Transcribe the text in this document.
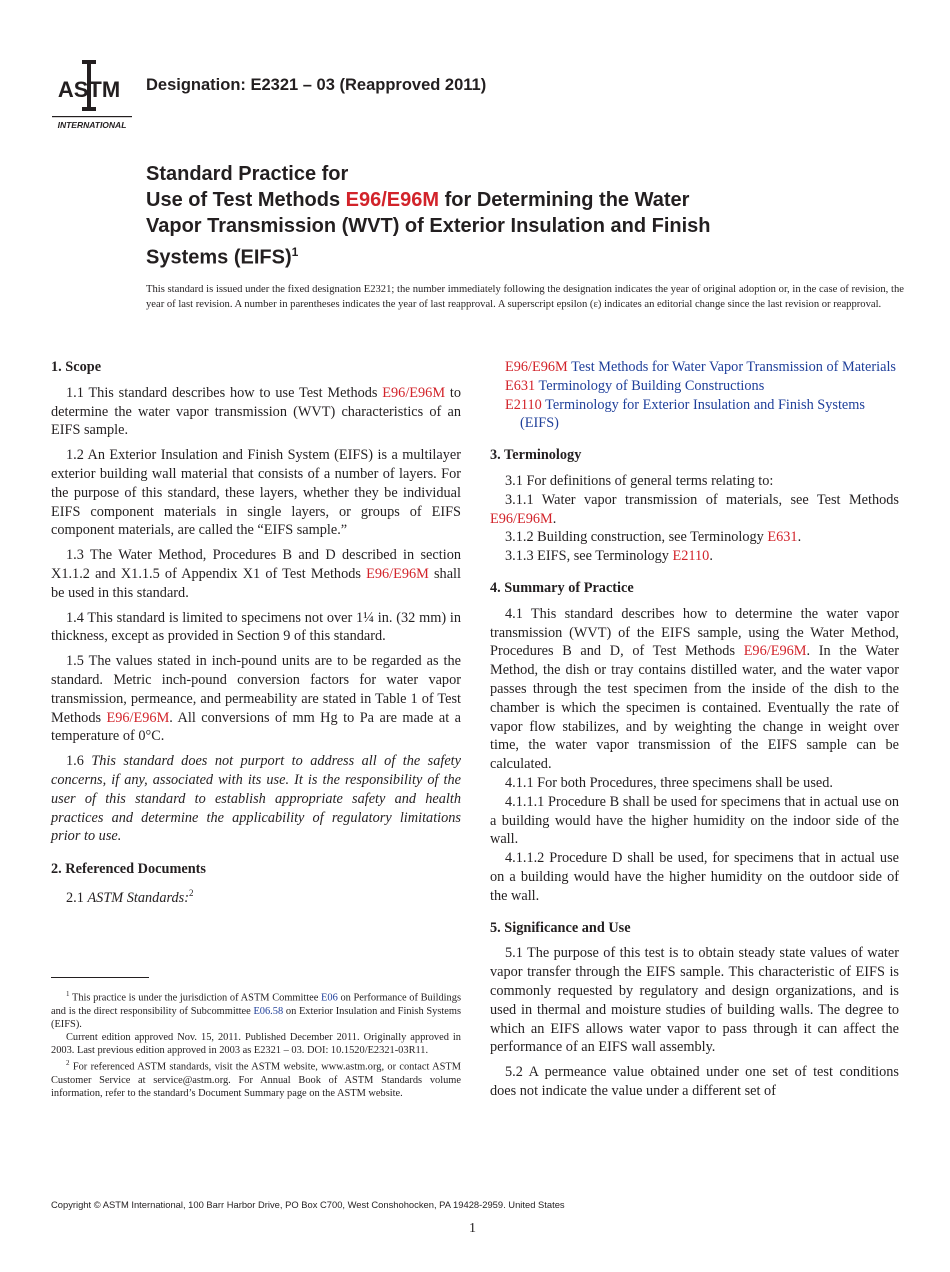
ASTM
INTERNATIONAL
Designation: E2321 – 03 (Reapproved 2011)
Standard Practice for
Use of Test Methods E96/E96M for Determining the Water
Vapor Transmission (WVT) of Exterior Insulation and Finish
Systems (EIFS)$^1$
This standard is issued under the fixed designation E2321; the number immediately following the designation indicates the year of original adoption or, in the case of revision, the year of last revision. A number in parentheses indicates the year of last reapproval. A superscript epsilon (ε) indicates an editorial change since the last revision or reapproval.

1. Scope

1.1 This standard describes how to use Test Methods E96/E96M to determine the water vapor transmission (WVT) characteristics of an EIFS sample.

1.2 An Exterior Insulation and Finish System (EIFS) is a multilayer exterior building wall material that consists of a number of layers. For the purpose of this standard, these layers, whether they be individual EIFS component materials in single layers, or groups of EIFS component materials, are called the “EIFS sample.”

1.3 The Water Method, Procedures B and D described in section X1.1.2 and X1.1.5 of Appendix X1 of Test Methods E96/E96M shall be used in this standard.

1.4 This standard is limited to specimens not over 1¼ in. (32 mm) in thickness, except as provided in Section 9 of this standard.

1.5 The values stated in inch-pound units are to be regarded as the standard. Metric inch-pound conversion factors for water vapor transmission, permeance, and permeability are stated in Table 1 of Test Methods E96/E96M. All conversions of mm Hg to Pa are made at a temperature of 0°C.

1.6 This standard does not purport to address all of the safety concerns, if any, associated with its use. It is the responsibility of the user of this standard to establish appropriate safety and health practices and determine the applicability of regulatory limitations prior to use.

2. Referenced Documents

2.1 ASTM Standards:$^2$

$^1$ This practice is under the jurisdiction of ASTM Committee E06 on Performance of Buildings and is the direct responsibility of Subcommittee E06.58 on Exterior Insulation and Finish Systems (EIFS).

Current edition approved Nov. 15, 2011. Published December 2011. Originally approved in 2003. Last previous edition approved in 2003 as E2321 – 03. DOI: 10.1520/E2321-03R11.

$^2$ For referenced ASTM standards, visit the ASTM website, www.astm.org, or contact ASTM Customer Service at service@astm.org. For Annual Book of ASTM Standards volume information, refer to the standard’s Document Summary page on the ASTM website.

E96/E96M Test Methods for Water Vapor Transmission of Materials

E631 Terminology of Building Constructions

E2110 Terminology for Exterior Insulation and Finish Systems (EIFS)

3. Terminology

3.1 For definitions of general terms relating to:

3.1.1 Water vapor transmission of materials, see Test Methods E96/E96M.

3.1.2 Building construction, see Terminology E631.

3.1.3 EIFS, see Terminology E2110.

4. Summary of Practice

4.1 This standard describes how to determine the water vapor transmission (WVT) of the EIFS sample, using the Water Method, Procedures B and D, of Test Methods E96/E96M. In the Water Method, the dish or tray contains distilled water, and the water vapor passes through the test specimen from the inside of the dish to the chamber is which the specimen is contained. Eventually the rate of vapor flow stabilizes, and by weighting the change in weight over time, the water vapor transmission of the EIFS sample can be calculated.

4.1.1 For both Procedures, three specimens shall be used.

4.1.1.1 Procedure B shall be used for specimens that in actual use on a building would have the higher humidity on the indoor side of the wall.

4.1.1.2 Procedure D shall be used, for specimens that in actual use on a building would have the higher humidity on the outdoor side of the wall.

5. Significance and Use

5.1 The purpose of this test is to obtain steady state values of water vapor transfer through the EIFS sample. This characteristic of EIFS is commonly requested by regulatory and design organizations, and is used in thermal and moisture studies of building walls. The degree to which an EIFS allows water vapor to pass through it can affect the performance of an EIFS wall assembly.

5.2 A permeance value obtained under one set of test conditions does not indicate the value under a different set of

Copyright © ASTM International, 100 Barr Harbor Drive, PO Box C700, West Conshohocken, PA 19428-2959. United States
1
